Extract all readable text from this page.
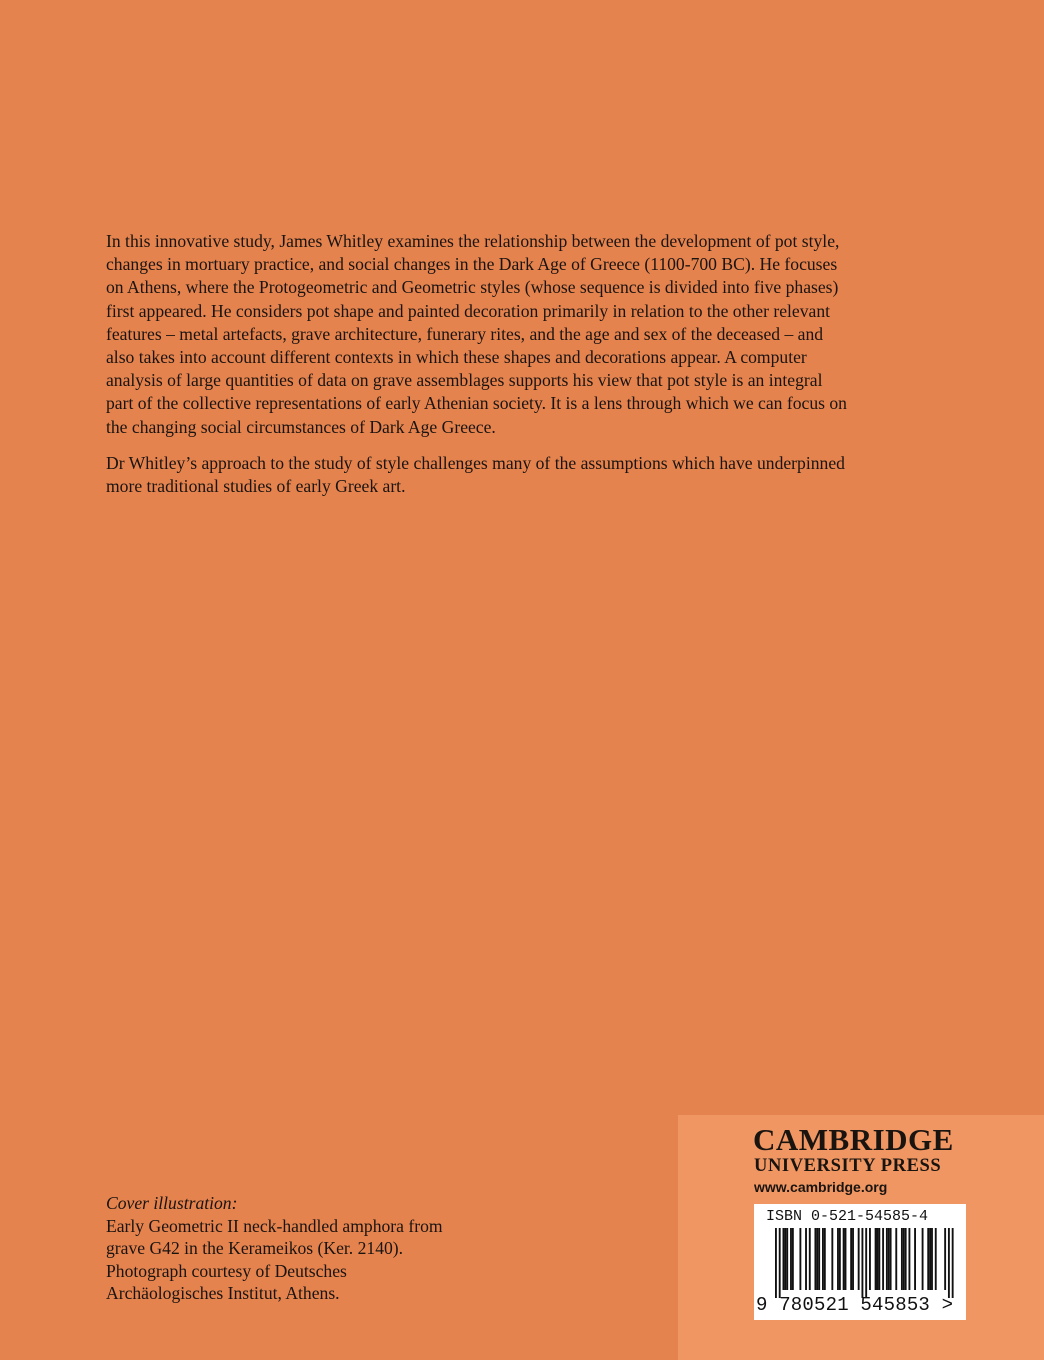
In this innovative study, James Whitley examines the relationship between the development of pot style,
changes in mortuary practice, and social changes in the Dark Age of Greece (1100-700 BC). He focuses
on Athens, where the Protogeometric and Geometric styles (whose sequence is divided into five phases)
first appeared. He considers pot shape and painted decoration primarily in relation to the other relevant
features – metal artefacts, grave architecture, funerary rites, and the age and sex of the deceased – and
also takes into account different contexts in which these shapes and decorations appear. A computer
analysis of large quantities of data on grave assemblages supports his view that pot style is an integral
part of the collective representations of early Athenian society. It is a lens through which we can focus on
the changing social circumstances of Dark Age Greece.

Dr Whitley’s approach to the study of style challenges many of the assumptions which have underpinned
more traditional studies of early Greek art.

Cover illustration:
Early Geometric II neck-handled amphora from
grave G42 in the Kerameikos (Ker. 2140).
Photograph courtesy of Deutsches
Archäologisches Institut, Athens.
CAMBRIDGE
UNIVERSITY PRESS
www.cambridge.org
ISBN 0-521-54585-4
9 780521 545853 >
